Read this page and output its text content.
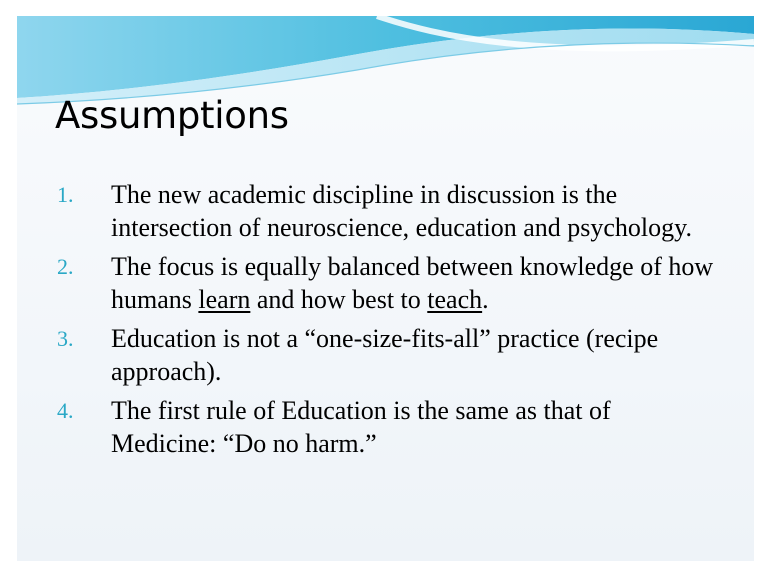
Assumptions
1.	The new academic discipline in discussion is the intersection of neuroscience, education and psychology.
2.	The focus is equally balanced between knowledge of how humans learn and how best to teach.
3.	Education is not a “one-size-fits-all” practice (recipe approach).
4.	The first rule of Education is the same as that of Medicine: “Do no harm.”
